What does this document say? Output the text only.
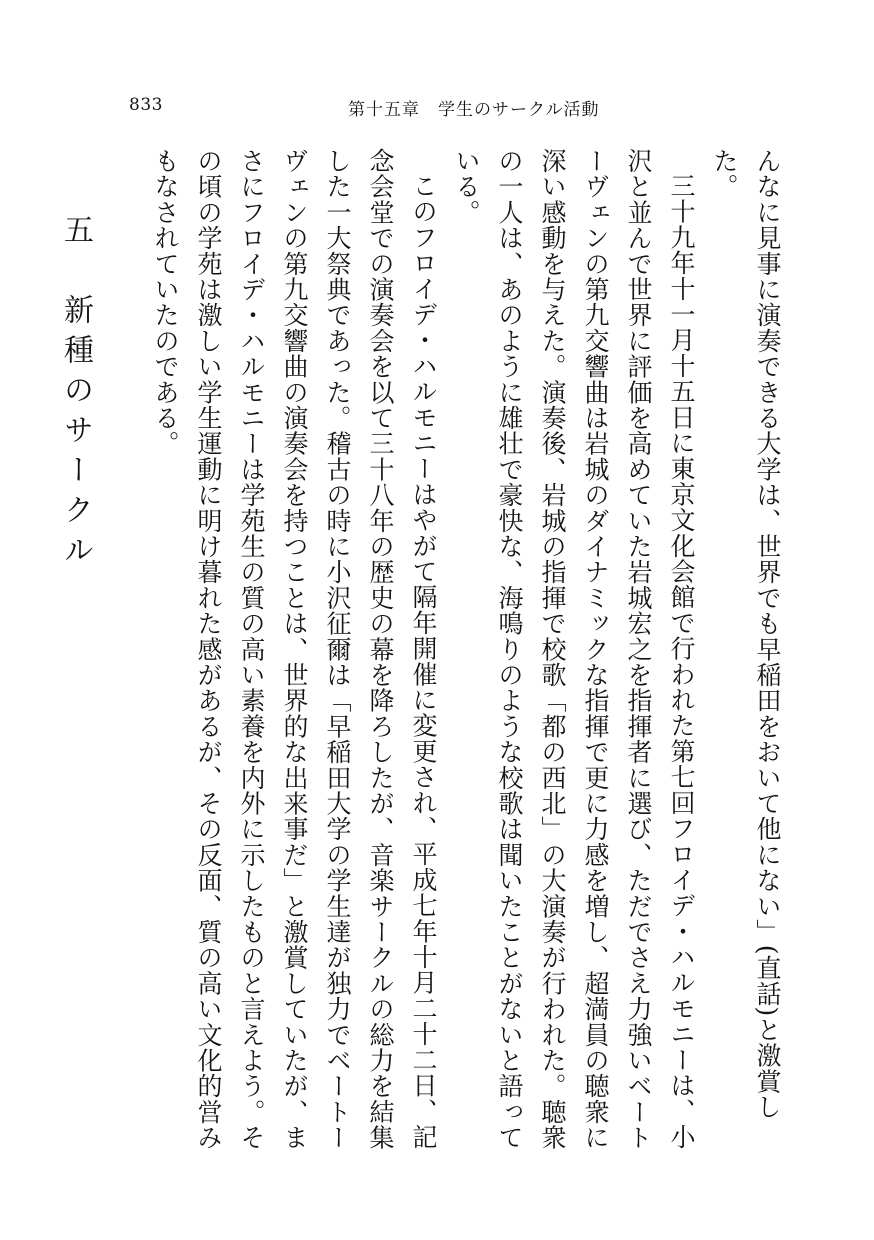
833	第十五章　学生のサークル活動

んなに見事に演奏できる大学は、世界でも早稲田をおいて他にない」(直話)と激賞した。

三十九年十一月十五日に東京文化会館で行われた第七回フロイデ・ハルモニーは、小沢と並んで世界に評価を高めていた岩城宏之を指揮者に選び、ただでさえ力強いベートーヴェンの第九交響曲は岩城のダイナミックな指揮で更に力感を増し、超満員の聴衆に深い感動を与えた。演奏後、岩城の指揮で校歌「都の西北」の大演奏が行われた。聴衆の一人は、あのように雄壮で豪快な、海鳴りのような校歌は聞いたことがないと語っている。

このフロイデ・ハルモニーはやがて隔年開催に変更され、平成七年十月二十二日、記念会堂での演奏会を以て三十八年の歴史の幕を降ろしたが、音楽サークルの総力を結集した一大祭典であった。稽古の時に小沢征爾は「早稲田大学の学生達が独力でベートーヴェンの第九交響曲の演奏会を持つことは、世界的な出来事だ」と激賞していたが、まさにフロイデ・ハルモニーは学苑生の質の高い素養を内外に示したものと言えよう。その頃の学苑は激しい学生運動に明け暮れた感があるが、その反面、質の高い文化的営みもなされていたのである。

五　新種のサークル
